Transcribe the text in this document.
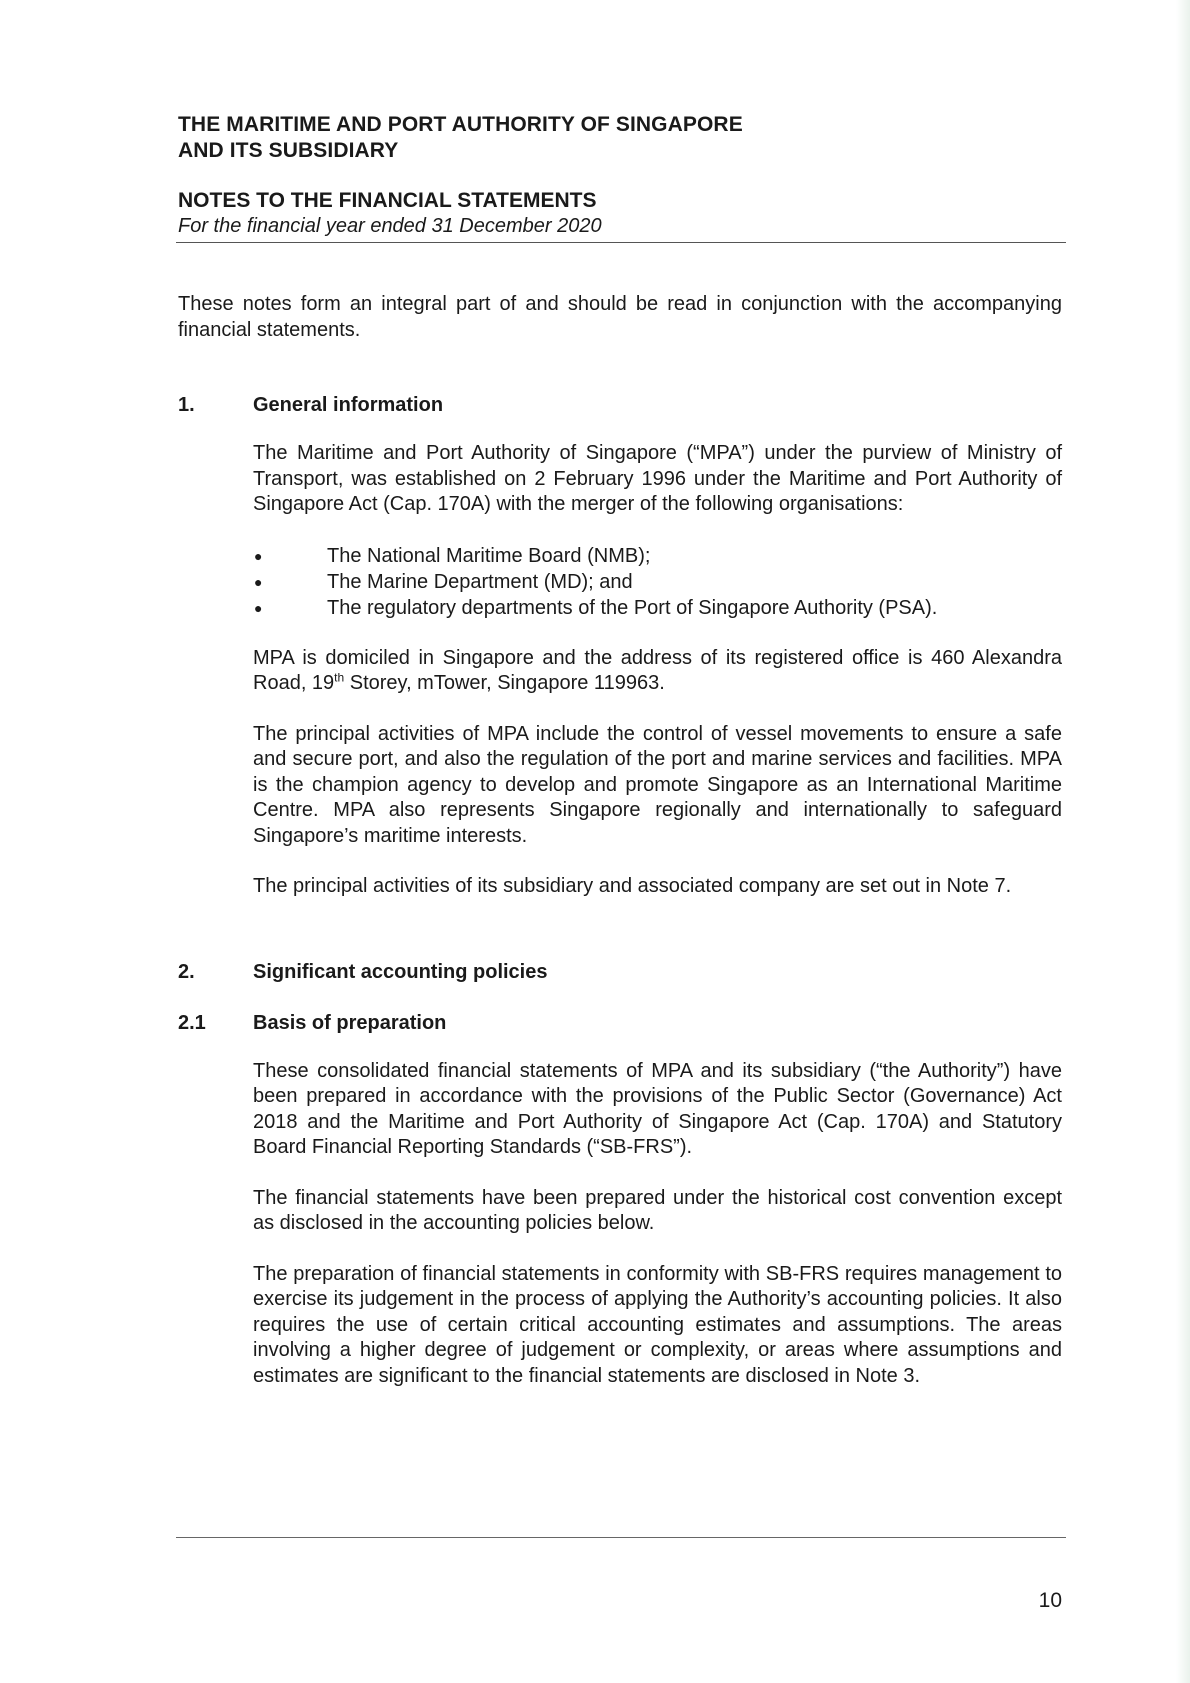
THE MARITIME AND PORT AUTHORITY OF SINGAPORE
AND ITS SUBSIDIARY
NOTES TO THE FINANCIAL STATEMENTS

For the financial year ended 31 December 2020

These notes form an integral part of and should be read in conjunction with the accompanying financial statements.

1.	General information

The Maritime and Port Authority of Singapore (“MPA”) under the purview of Ministry of Transport, was established on 2 February 1996 under the Maritime and Port Authority of Singapore Act (Cap. 170A) with the merger of the following organisations:

●	The National Maritime Board (NMB);
●	The Marine Department (MD); and
●	The regulatory departments of the Port of Singapore Authority (PSA).

MPA is domiciled in Singapore and the address of its registered office is 460 Alexandra Road, 19th Storey, mTower, Singapore 119963.

The principal activities of MPA include the control of vessel movements to ensure a safe and secure port, and also the regulation of the port and marine services and facilities. MPA is the champion agency to develop and promote Singapore as an International Maritime Centre. MPA also represents Singapore regionally and internationally to safeguard Singapore’s maritime interests.

The principal activities of its subsidiary and associated company are set out in Note 7.

2.	Significant accounting policies
2.1	Basis of preparation

These consolidated financial statements of MPA and its subsidiary (“the Authority”) have been prepared in accordance with the provisions of the Public Sector (Governance) Act 2018 and the Maritime and Port Authority of Singapore Act (Cap. 170A) and Statutory Board Financial Reporting Standards (“SB-FRS”).

The financial statements have been prepared under the historical cost convention except as disclosed in the accounting policies below.

The preparation of financial statements in conformity with SB-FRS requires management to exercise its judgement in the process of applying the Authority’s accounting policies. It also requires the use of certain critical accounting estimates and assumptions. The areas involving a higher degree of judgement or complexity, or areas where assumptions and estimates are significant to the financial statements are disclosed in Note 3.

10
